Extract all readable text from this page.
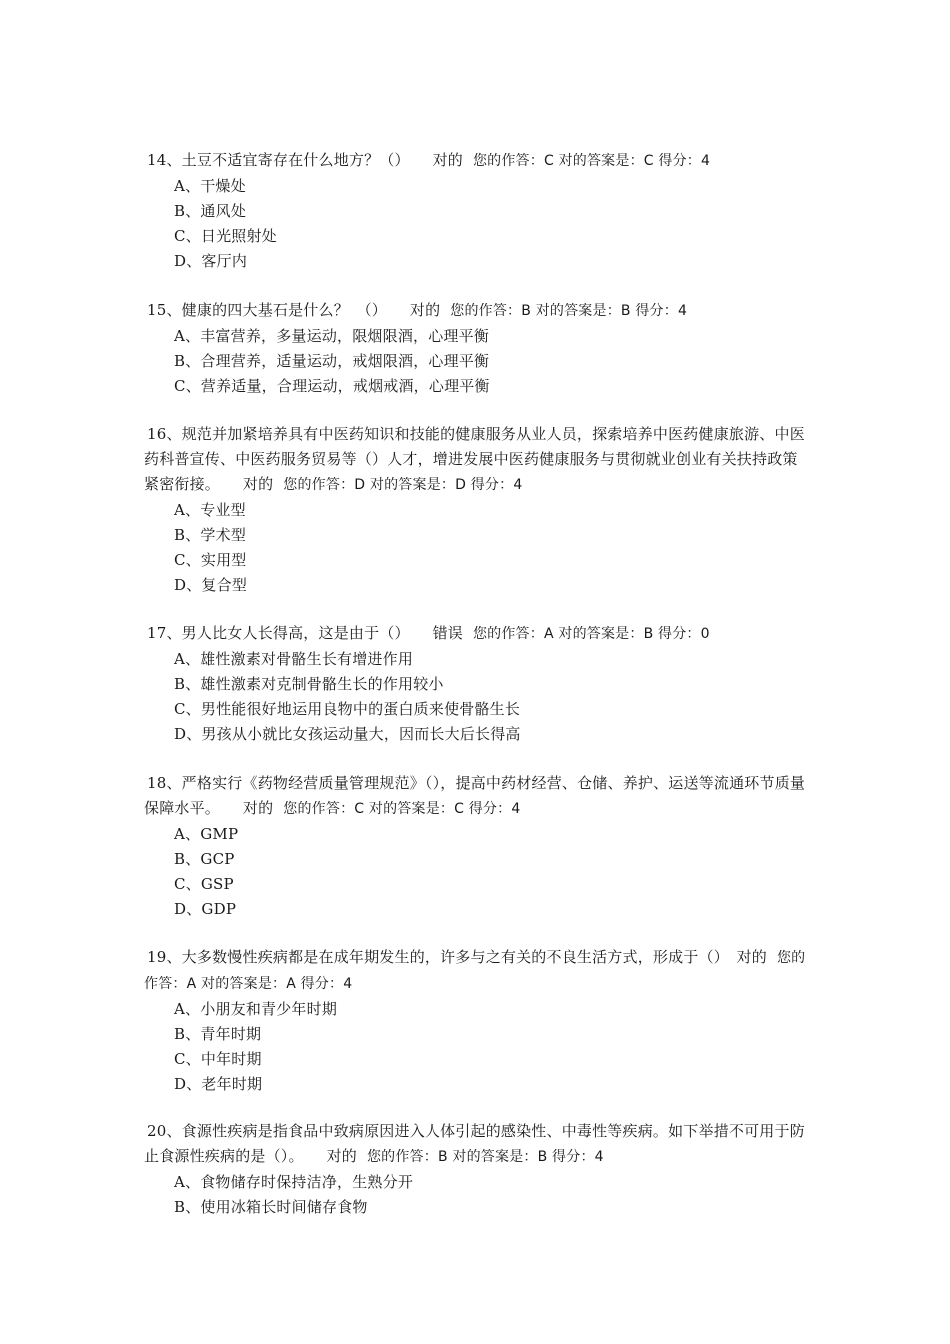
14、土豆不适宜寄存在什么地方？（）　　 对的 您的作答：C 对的答案是：C 得分：4

A、干燥处
B、通风处
C、日光照射处
D、客厅内

15、健康的四大基石是什么？　（）　　 对的 您的作答：B 对的答案是：B 得分：4

A、丰富营养，多量运动，限烟限酒，心理平衡
B、合理营养，适量运动，戒烟限酒，心理平衡
C、营养适量，合理运动，戒烟戒酒，心理平衡

16、规范并加紧培养具有中医药知识和技能的健康服务从业人员，探索培养中医药健康旅游、中医药科普宣传、中医药服务贸易等（）人才，增进发展中医药健康服务与贯彻就业创业有关扶持政策紧密衔接。　　 对的 您的作答：D 对的答案是：D 得分：4

A、专业型
B、学术型
C、实用型
D、复合型

17、男人比女人长得高，这是由于（）　　 错误 您的作答：A 对的答案是：B 得分：0

A、雄性激素对骨骼生长有增进作用
B、雄性激素对克制骨骼生长的作用较小
C、男性能很好地运用良物中的蛋白质来使骨骼生长
D、男孩从小就比女孩运动量大，因而长大后长得高

18、严格实行《药物经营质量管理规范》（），提高中药材经营、仓储、养护、运送等流通环节质量保障水平。　　 对的 您的作答：C 对的答案是：C 得分：4

A、GMP
B、GCP
C、GSP
D、GDP

19、大多数慢性疾病都是在成年期发生的，许多与之有关的不良生活方式，形成于（）　 对的 您的作答：A 对的答案是：A 得分：4

A、小朋友和青少年时期
B、青年时期
C、中年时期
D、老年时期

20、食源性疾病是指食品中致病原因进入人体引起的感染性、中毒性等疾病。如下举措不可用于防止食源性疾病的是（）。　　 对的 您的作答：B 对的答案是：B 得分：4

A、食物储存时保持洁净，生熟分开
B、使用冰箱长时间储存食物
